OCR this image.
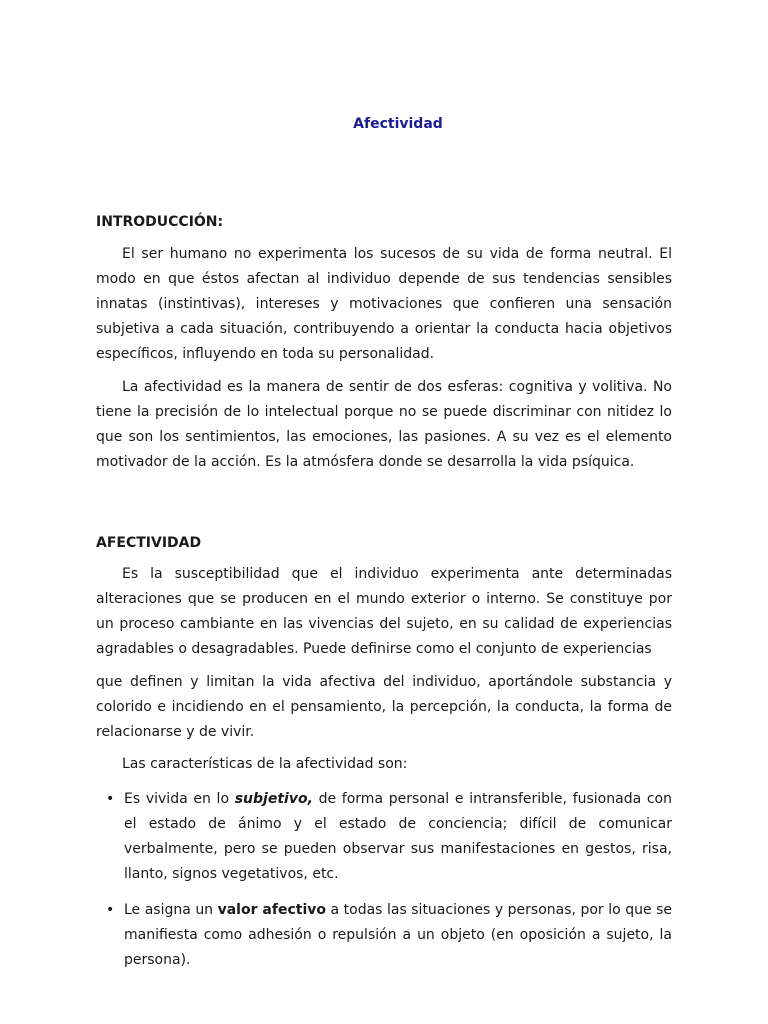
Afectividad
INTRODUCCIÓN:

El ser humano no experimenta los sucesos de su vida de forma neutral. El modo en que éstos afectan al individuo depende de sus tendencias sensibles innatas (instintivas), intereses y motivaciones que confieren una sensación subjetiva a cada situación, contribuyendo a orientar la conducta hacia objetivos específicos, influyendo en toda su personalidad.

La afectividad es la manera de sentir de dos esferas: cognitiva y volitiva. No tiene la precisión de lo intelectual porque no se puede discriminar con nitidez lo que son los sentimientos, las emociones, las pasiones. A su vez es el elemento motivador de la acción. Es la atmósfera donde se desarrolla la vida psíquica.

AFECTIVIDAD

Es la susceptibilidad que el individuo experimenta ante determinadas alteraciones que se producen en el mundo exterior o interno. Se constituye por un proceso cambiante en las vivencias del sujeto, en su calidad de experiencias agradables o desagradables. Puede definirse como el conjunto de experiencias

que definen y limitan la vida afectiva del individuo, aportándole substancia y colorido e incidiendo en el pensamiento, la percepción, la conducta, la forma de relacionarse y de vivir.

Las características de la afectividad son:

• Es vivida en lo subjetivo, de forma personal e intransferible, fusionada con el estado de ánimo y el estado de conciencia; difícil de comunicar verbalmente, pero se pueden observar sus manifestaciones en gestos, risa, llanto, signos vegetativos, etc.
• Le asigna un valor afectivo a todas las situaciones y personas, por lo que se manifiesta como adhesión o repulsión a un objeto (en oposición a sujeto, la persona).
